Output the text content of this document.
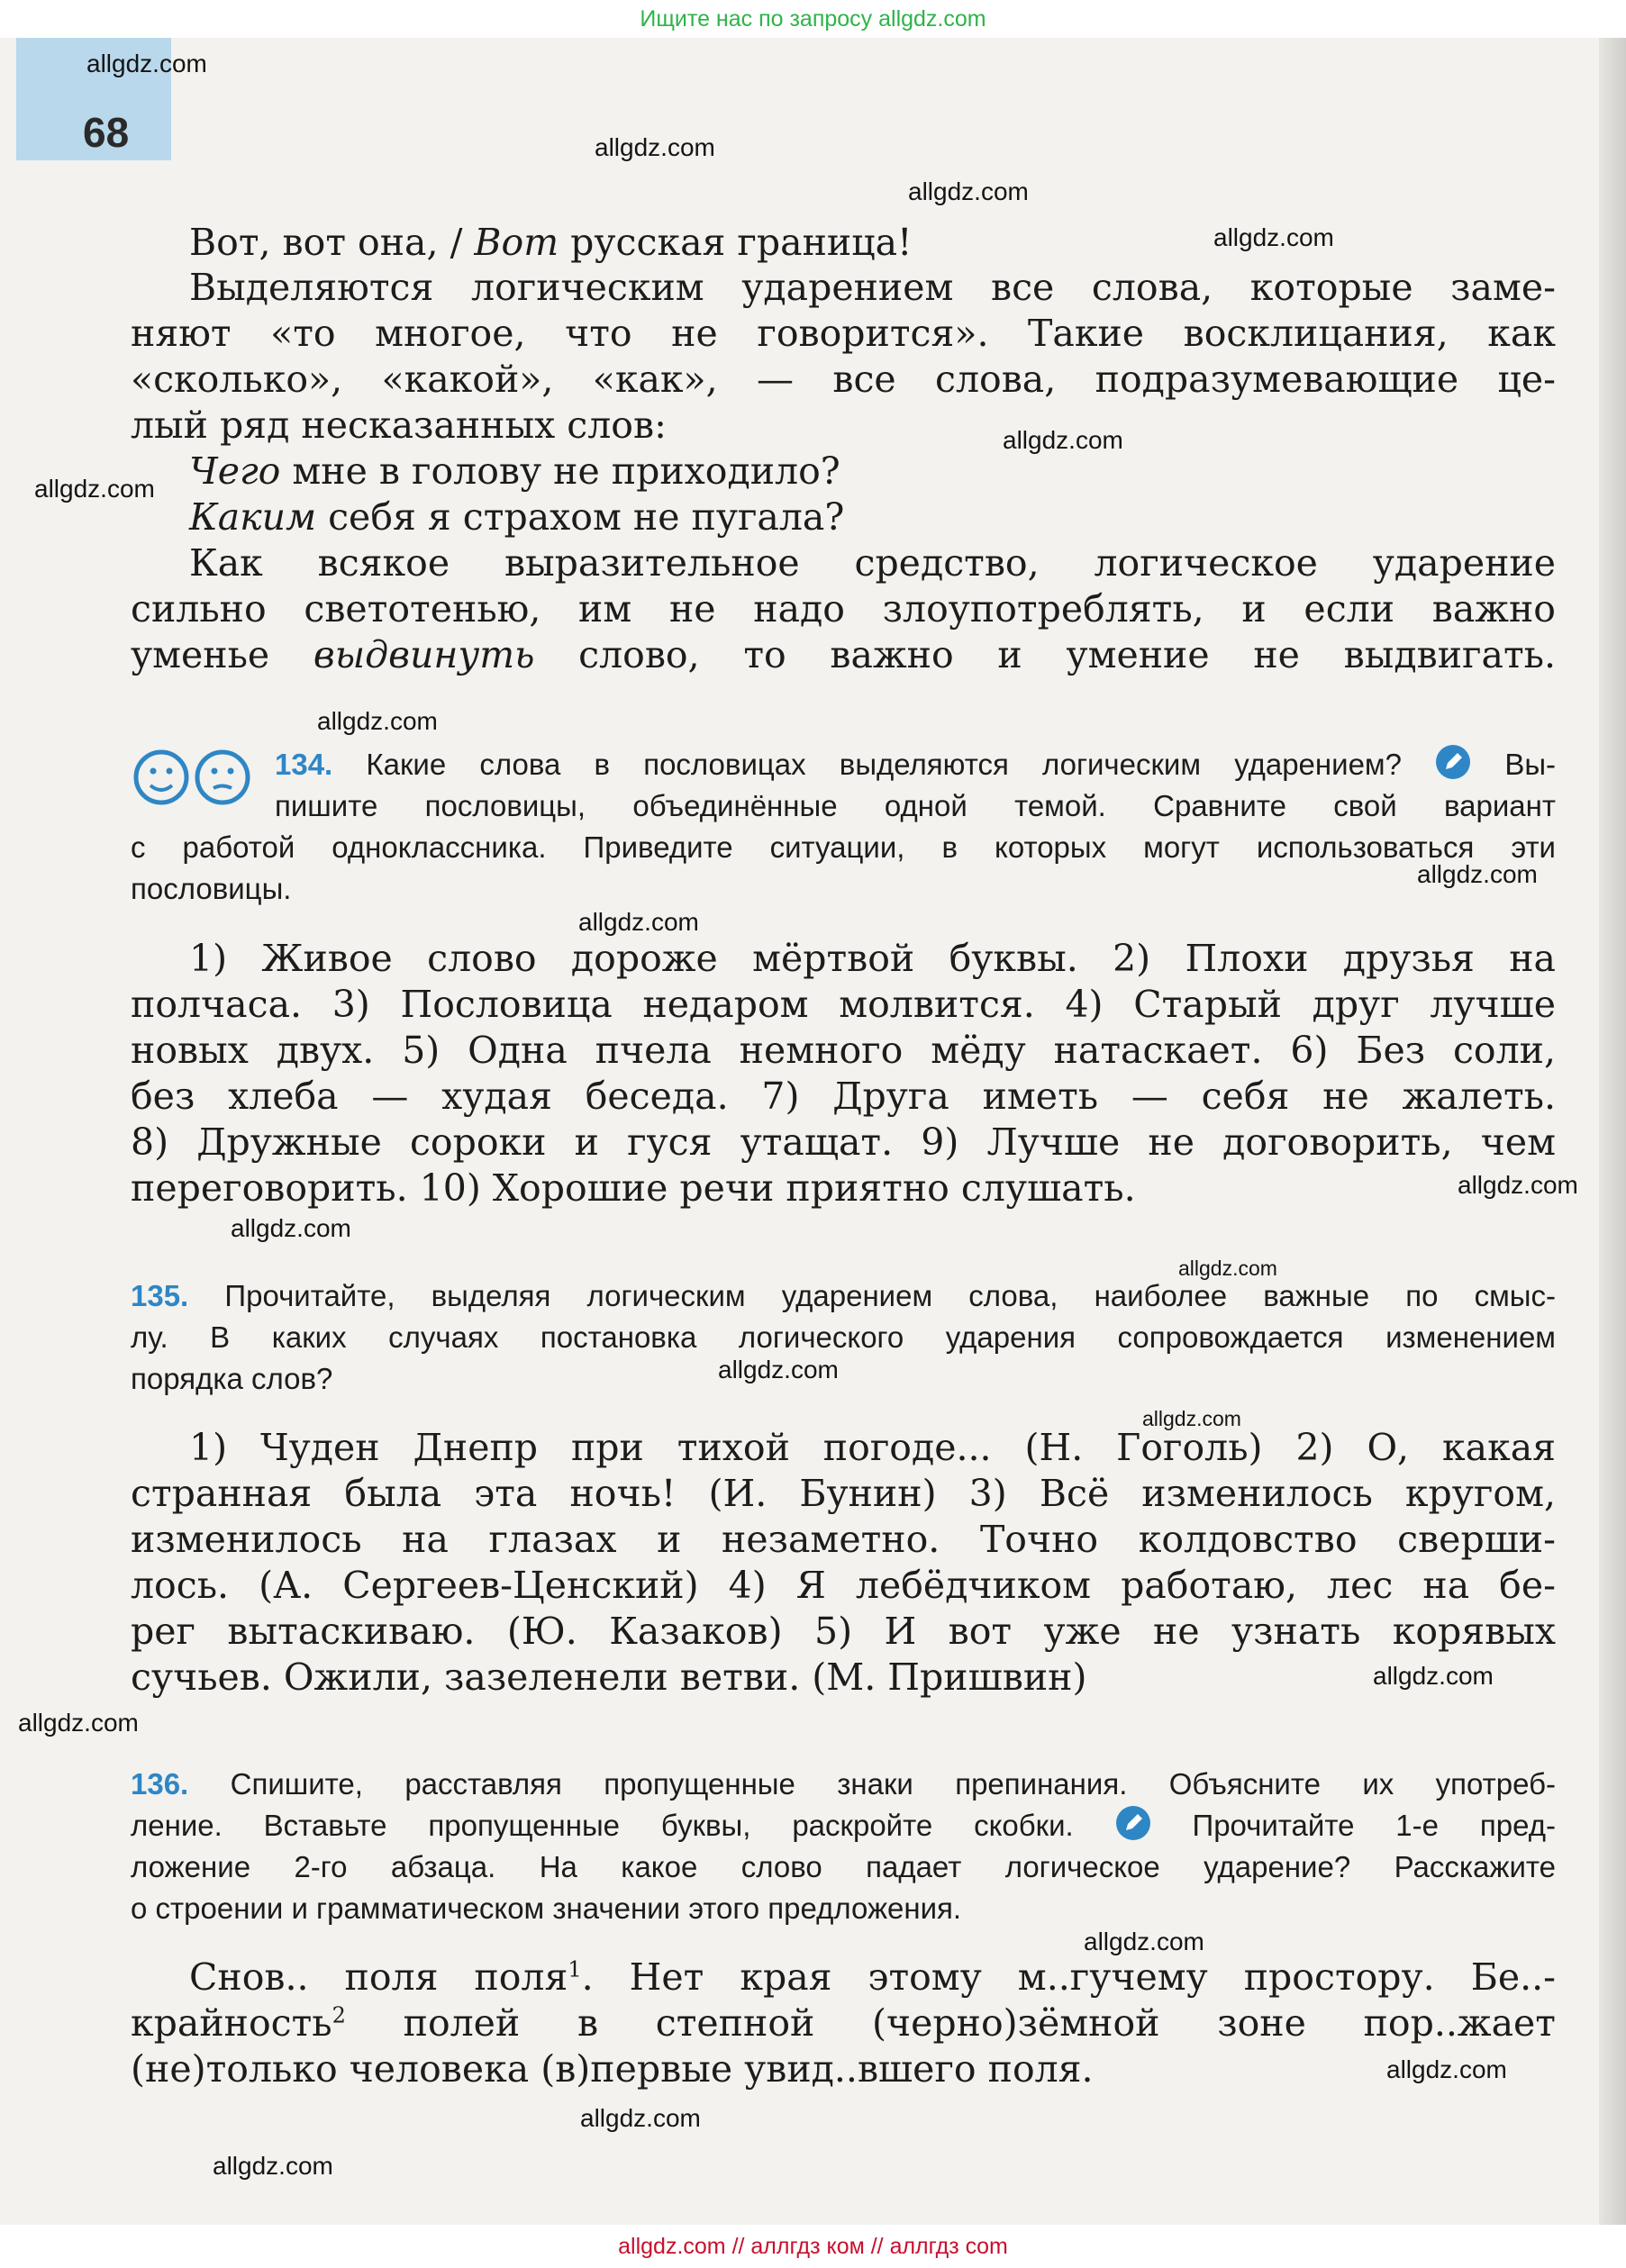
Ищите нас по запросу allgdz.com
68
Вот, вот она, / Вот русская граница!
Выделяются логическим ударением все слова, которые заме-
няют «то многое, что не говорится». Такие восклицания, как
«сколько», «какой», «как», — все слова, подразумевающие це-
лый ряд несказанных слов:
Чего мне в голову не приходило?
Каким себя я страхом не пугала?
Как всякое выразительное средство, логическое ударение
сильно светотенью, им не надо злоупотреблять, и если важно
уменье выдвинуть слово, то важно и умение не выдвигать.
134. Какие слова в пословицах выделяются логическим ударением?	Вы-
пишите пословицы, объединённые одной темой. Сравните свой вариант
с работой одноклассника. Приведите ситуации, в которых могут использоваться эти
пословицы.
1) Живое слово дороже мёртвой буквы. 2) Плохи друзья на
полчаса. 3) Пословица недаром молвится. 4) Старый друг лучше
новых двух. 5) Одна пчела немного мёду натаскает. 6) Без соли,
без хлеба — худая беседа. 7) Друга иметь — себя не жалеть.
8) Дружные сороки и гуся утащат. 9) Лучше не договорить, чем
переговорить. 10) Хорошие речи приятно слушать.
135. Прочитайте, выделяя логическим ударением слова, наиболее важные по смыс-
лу. В каких случаях постановка логического ударения сопровождается изменением
порядка слов?
1) Чуден Днепр при тихой погоде... (Н. Гоголь) 2) О, какая
странная была эта ночь! (И. Бунин) 3) Всё изменилось кругом,
изменилось на глазах и незаметно. Точно колдовство сверши-
лось. (А. Сергеев-Ценский) 4) Я лебёдчиком работаю, лес на бе-
рег вытаскиваю. (Ю. Казаков) 5) И вот уже не узнать корявых
сучьев. Ожили, зазеленели ветви. (М. Пришвин)
136. Спишите, расставляя пропущенные знаки препинания. Объясните их употреб-
ление. Вставьте пропущенные буквы, раскройте скобки.	Прочитайте 1-е пред-
ложение 2-го абзаца. На какое слово падает логическое ударение? Расскажите
о строении и грамматическом значении этого предложения.
Снов.. поля поля$^1$. Нет края этому м..гучему простору. Бе..-
крайность$^2$ полей в степной (черно)зёмной зоне пор..жает
(не)только человека (в)первые увид..вшего поля.
allgdz.com
allgdz.com
allgdz.com
allgdz.com
allgdz.com
allgdz.com
allgdz.com
allgdz.com
allgdz.com
allgdz.com
allgdz.com
allgdz.com
allgdz.com
allgdz.com
allgdz.com
allgdz.com
allgdz.com
allgdz.com
allgdz.com
allgdz.com
allgdz.com // аллгдз ком // аллгдз com
